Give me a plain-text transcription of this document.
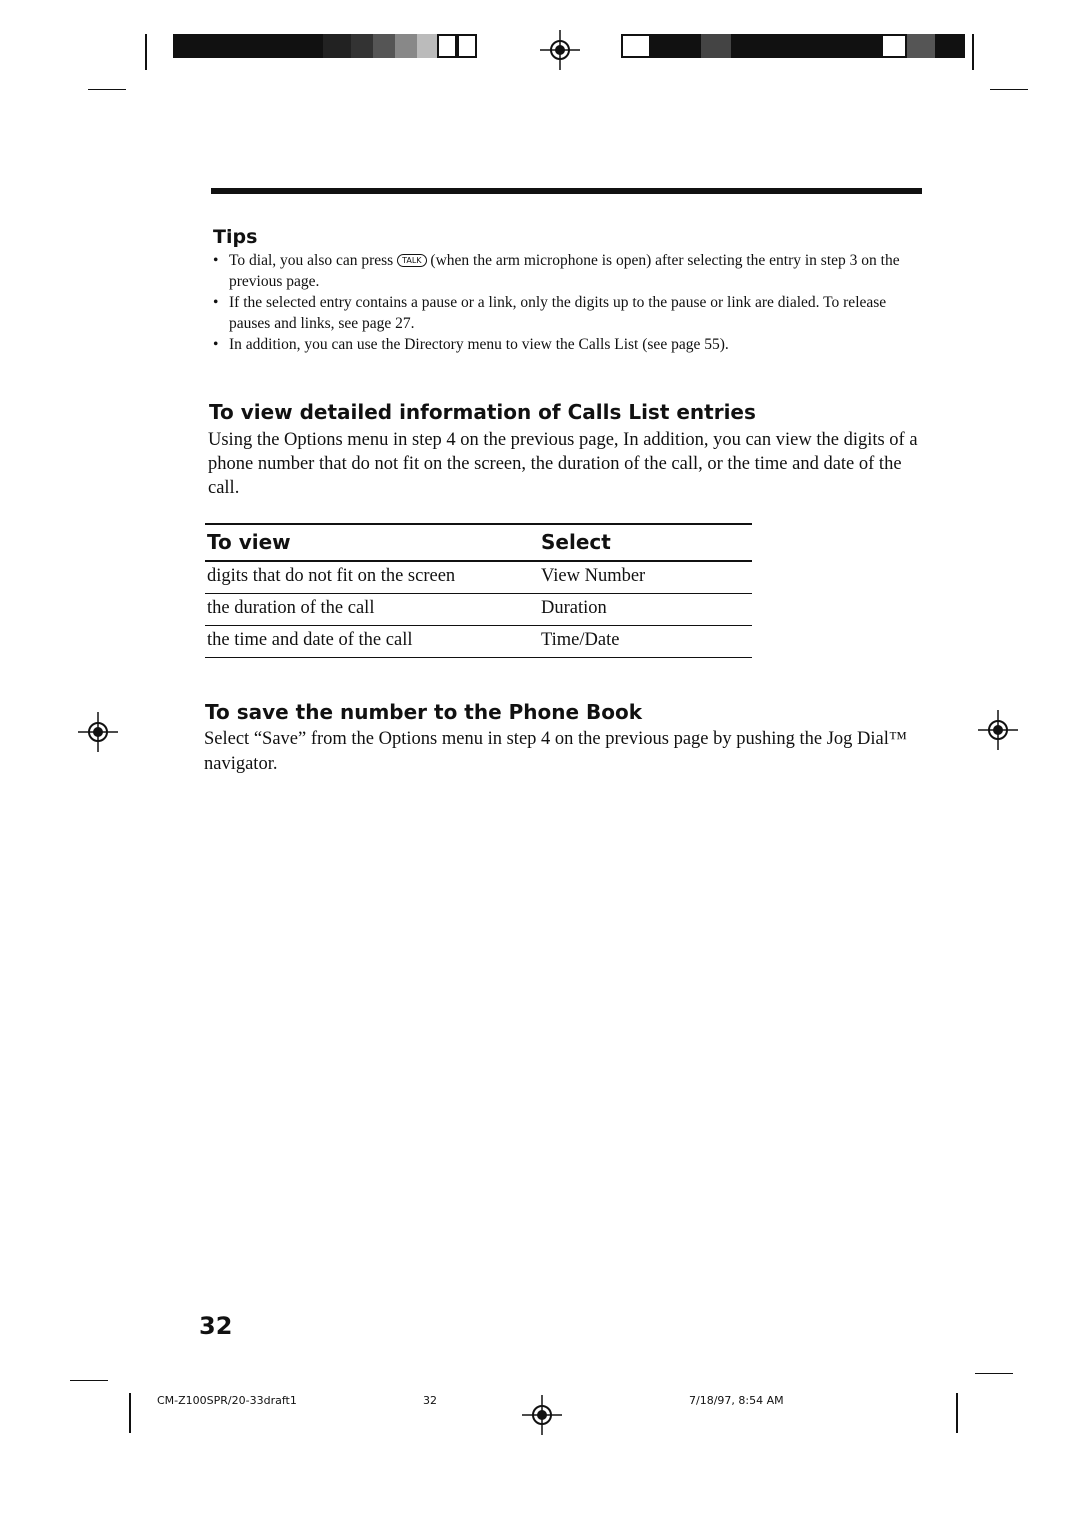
Tips
• To dial, you also can press TALK (when the arm microphone is open) after selecting the entry in step 3 on the previous page.
• If the selected entry contains a pause or a link, only the digits up to the pause or link are dialed. To release pauses and links, see page 27.
• In addition, you can use the Directory menu to view the Calls List (see page 55).
To view detailed information of Calls List entries

Using the Options menu in step 4 on the previous page, In addition, you can view the digits of a phone number that do not fit on the screen, the duration of the call, or the time and date of the call.

To view	Select
digits that do not fit on the screen	View Number
the duration of the call	Duration
the time and date of the call	Time/Date
To save the number to the Phone Book

Select “Save” from the Options menu in step 4 on the previous page by pushing the Jog Dial™ navigator.

32
CM-Z100SPR/20-33draft1	32	7/18/97, 8:54 AM
